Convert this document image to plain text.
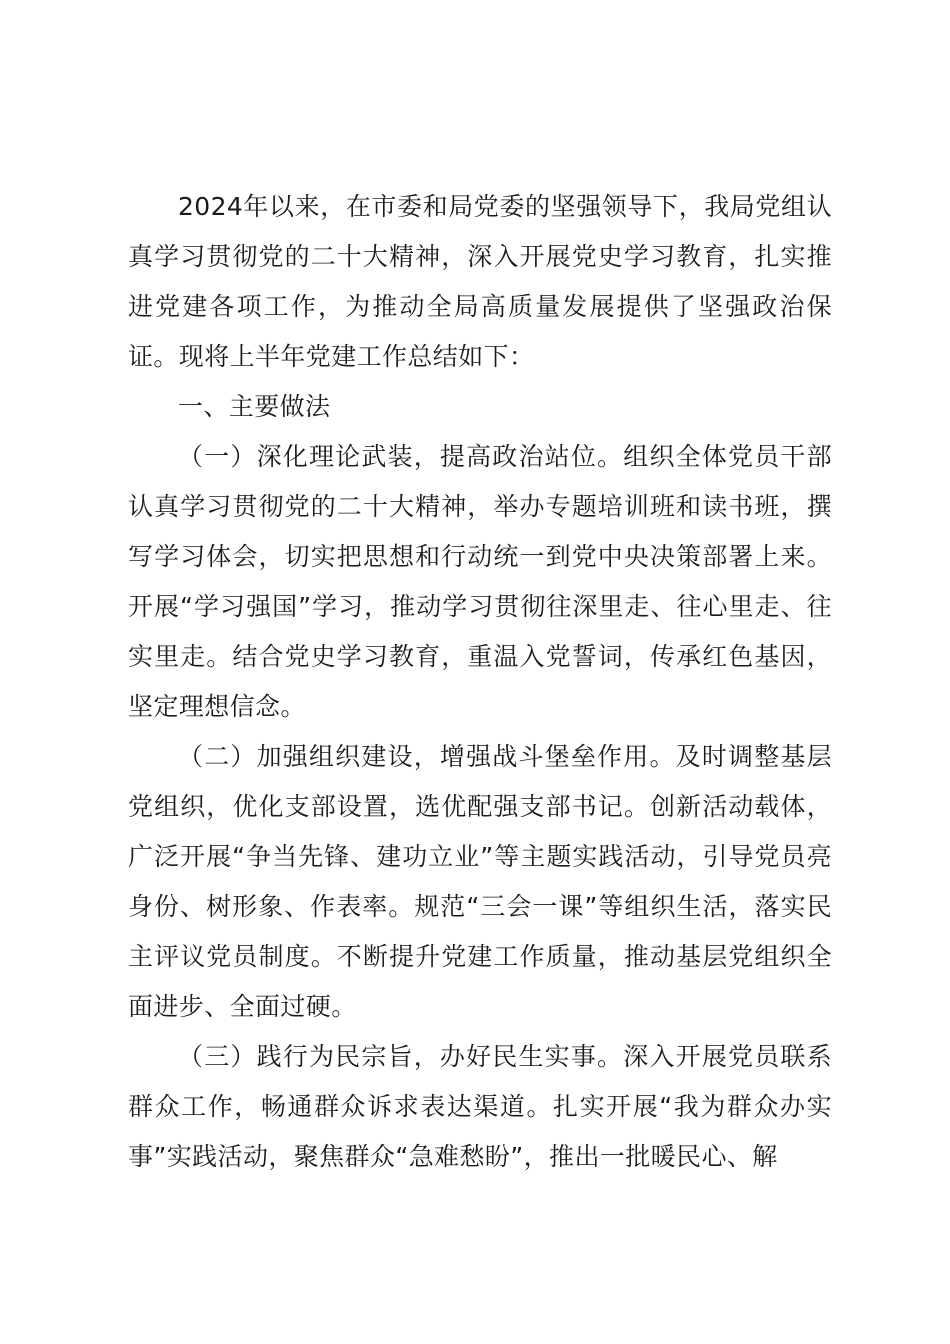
2024年以来，在市委和局党委的坚强领导下，我局党组认真学习贯彻党的二十大精神，深入开展党史学习教育，扎实推进党建各项工作，为推动全局高质量发展提供了坚强政治保证。现将上半年党建工作总结如下：

一、主要做法

（一）深化理论武装，提高政治站位。组织全体党员干部认真学习贯彻党的二十大精神，举办专题培训班和读书班，撰写学习体会，切实把思想和行动统一到党中央决策部署上来。开展“学习强国”学习，推动学习贯彻往深里走、往心里走、往实里走。结合党史学习教育，重温入党誓词，传承红色基因，坚定理想信念。

（二）加强组织建设，增强战斗堡垒作用。及时调整基层党组织，优化支部设置，选优配强支部书记。创新活动载体，广泛开展“争当先锋、建功立业”等主题实践活动，引导党员亮身份、树形象、作表率。规范“三会一课”等组织生活，落实民主评议党员制度。不断提升党建工作质量，推动基层党组织全面进步、全面过硬。

（三）践行为民宗旨，办好民生实事。深入开展党员联系群众工作，畅通群众诉求表达渠道。扎实开展“我为群众办实事”实践活动，聚焦群众“急难愁盼”，推出一批暖民心、解
